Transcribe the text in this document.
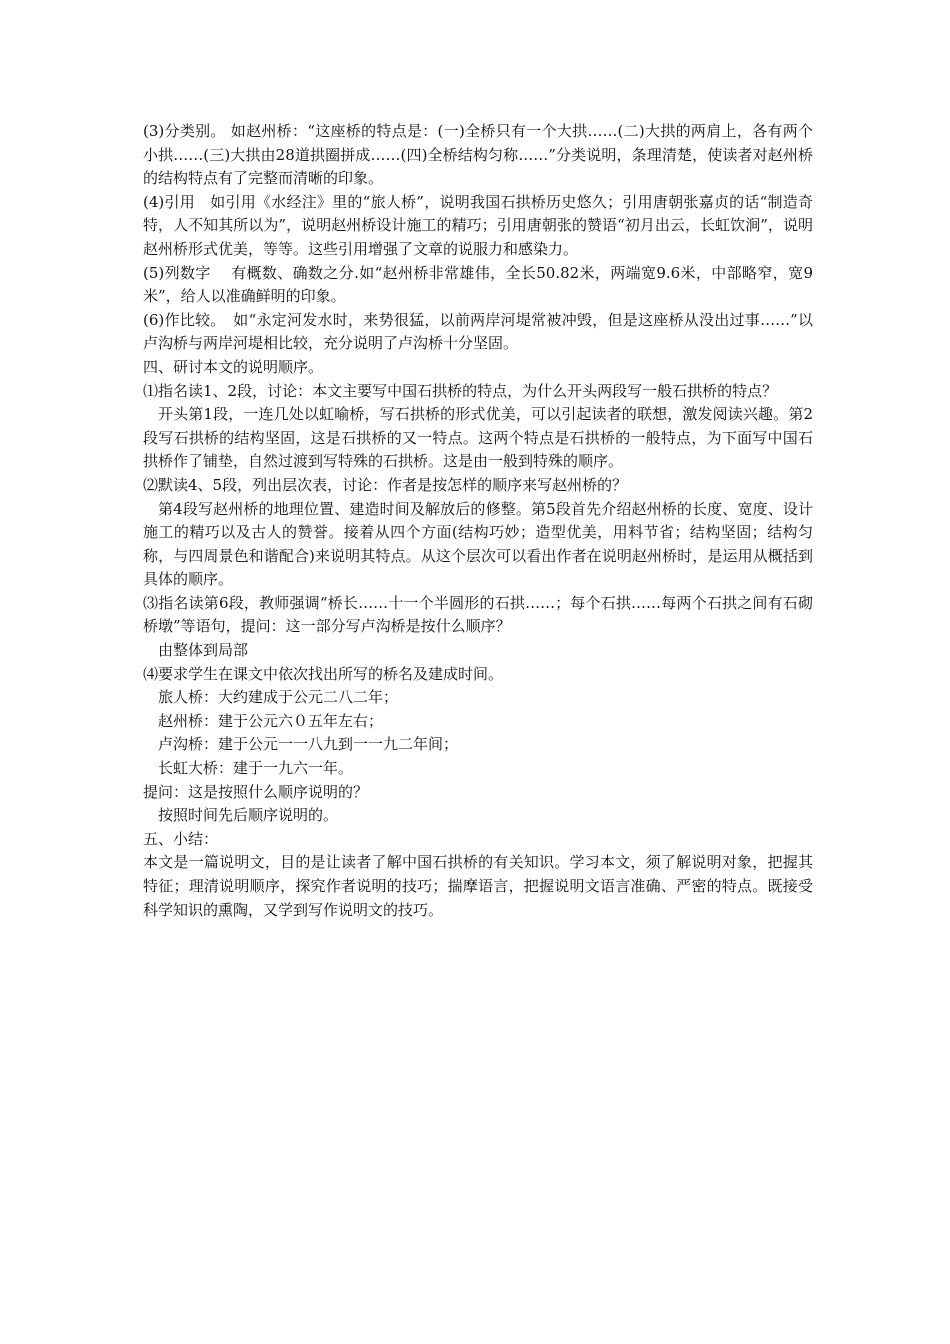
(3)分类别。 如赵州桥：“这座桥的特点是：(一)全桥只有一个大拱……(二)大拱的两肩上，各有两个小拱……(三)大拱由28道拱圈拼成……(四)全桥结构匀称……”分类说明，条理清楚，使读者对赵州桥的结构特点有了完整而清晰的印象。

(4)引用　如引用《水经注》里的“旅人桥”，说明我国石拱桥历史悠久；引用唐朝张嘉贞的话“制造奇特，人不知其所以为”，说明赵州桥设计施工的精巧；引用唐朝张的赞语“初月出云，长虹饮涧”，说明赵州桥形式优美，等等。这些引用增强了文章的说服力和感染力。

(5)列数字　 有概数、确数之分.如“赵州桥非常雄伟，全长50.82米，两端宽9.6米，中部略窄，宽9米”，给人以准确鲜明的印象。

(6)作比较。　如“永定河发水时，来势很猛，以前两岸河堤常被冲毁，但是这座桥从没出过事……”以卢沟桥与两岸河堤相比较，充分说明了卢沟桥十分坚固。

四、研讨本文的说明顺序。

⑴指名读1、2段，讨论：本文主要写中国石拱桥的特点，为什么开头两段写一般石拱桥的特点？

开头第1段，一连几处以虹喻桥，写石拱桥的形式优美，可以引起读者的联想，激发阅读兴趣。第2段写石拱桥的结构坚固，这是石拱桥的又一特点。这两个特点是石拱桥的一般特点，为下面写中国石拱桥作了铺垫，自然过渡到写特殊的石拱桥。这是由一般到特殊的顺序。

⑵默读4、5段，列出层次表，讨论：作者是按怎样的顺序来写赵州桥的？

第4段写赵州桥的地理位置、建造时间及解放后的修整。第5段首先介绍赵州桥的长度、宽度、设计施工的精巧以及古人的赞誉。接着从四个方面(结构巧妙；造型优美，用料节省；结构坚固；结构匀称，与四周景色和谐配合)来说明其特点。从这个层次可以看出作者在说明赵州桥时，是运用从概括到具体的顺序。

⑶指名读第6段，教师强调“桥长……十一个半圆形的石拱……；每个石拱……每两个石拱之间有石砌桥墩”等语句，提问：这一部分写卢沟桥是按什么顺序？

由整体到局部

⑷要求学生在课文中依次找出所写的桥名及建成时间。

旅人桥：大约建成于公元二八二年；

赵州桥：建于公元六０五年左右；

卢沟桥：建于公元一一八九到一一九二年间；

长虹大桥：建于一九六一年。

提问：这是按照什么顺序说明的？

按照时间先后顺序说明的。

五、小结：

本文是一篇说明文，目的是让读者了解中国石拱桥的有关知识。学习本文，须了解说明对象，把握其特征；理清说明顺序，探究作者说明的技巧；揣摩语言，把握说明文语言准确、严密的特点。既接受科学知识的熏陶，又学到写作说明文的技巧。
